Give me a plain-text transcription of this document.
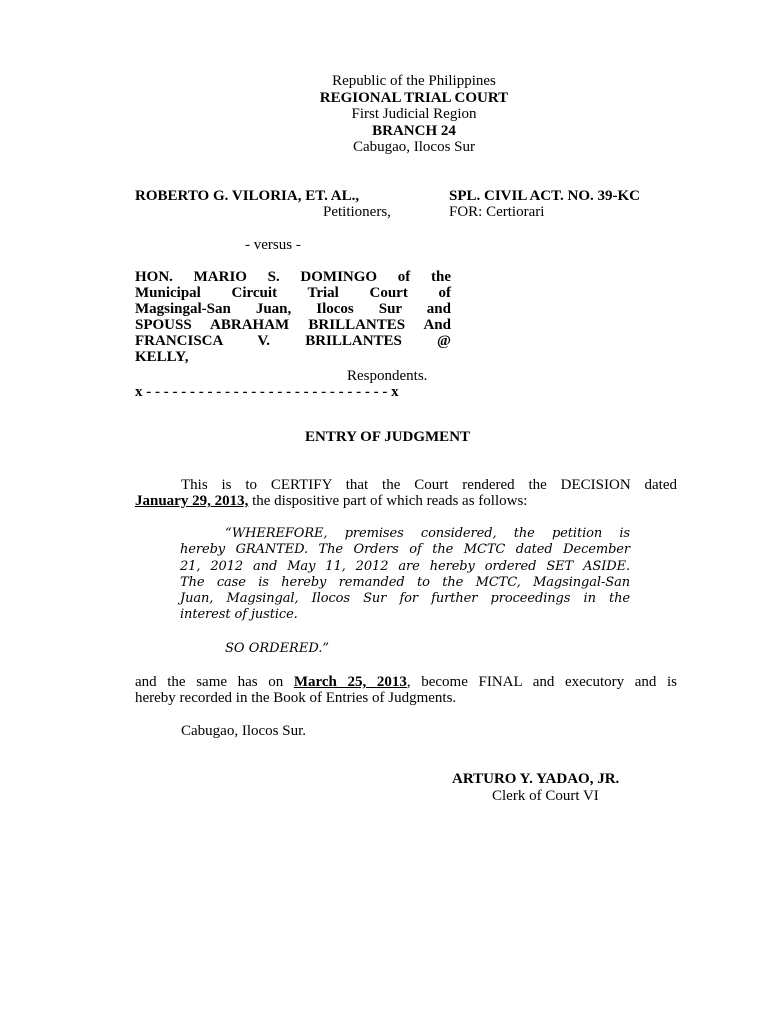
Republic of the Philippines
REGIONAL TRIAL COURT
First Judicial Region
BRANCH 24
Cabugao, Ilocos Sur
ROBERTO G. VILORIA, ET. AL.,
Petitioners,
SPL. CIVIL ACT. NO. 39-KC
FOR: Certiorari
- versus -
HON. MARIO S. DOMINGO of the
Municipal Circuit Trial Court of
Magsingal-San Juan, Ilocos Sur and
SPOUSS ABRAHAM BRILLANTES And
FRANCISCA V. BRILLANTES @
KELLY,
Respondents.
x - - - - - - - - - - - - - - - - - - - - - - - - - - - - x
ENTRY OF JUDGMENT
This is to CERTIFY that the Court rendered the DECISION dated
January 29, 2013, the dispositive part of which reads as follows:
“WHEREFORE, premises considered, the petition is
hereby GRANTED. The Orders of the MCTC dated December
21, 2012 and May 11, 2012 are hereby ordered SET ASIDE.
The case is hereby remanded to the MCTC, Magsingal-San
Juan, Magsingal, Ilocos Sur for further proceedings in the
interest of justice.
SO ORDERED.”
and the same has on March 25, 2013, become FINAL and executory and is
hereby recorded in the Book of Entries of Judgments.
Cabugao, Ilocos Sur.
ARTURO Y. YADAO, JR.
Clerk of Court VI
